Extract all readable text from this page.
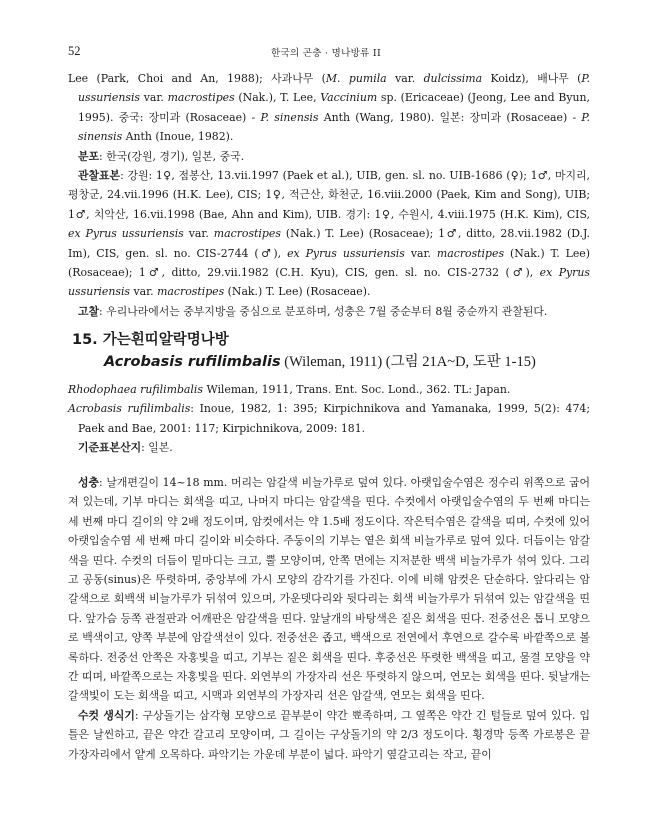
52	한국의 곤충 · 명나방류 II

Lee (Park, Choi and An, 1988); 사과나무 (M. pumila var. dulcissima Koidz), 배나무 (P. ussuriensis var. macrostipes (Nak.), T. Lee, Vaccinium sp. (Ericaceae) (Jeong, Lee and Byun, 1995). 중국: 장미과 (Rosaceae) - P. sinensis Anth (Wang, 1980). 일본: 장미과 (Rosaceae) - P. sinensis Anth (Inoue, 1982).

분포: 한국(강원, 경기), 일본, 중국.

관찰표본: 강원: 1♀, 점봉산, 13.vii.1997 (Paek et al.), UIB, gen. sl. no. UIB-1686 (♀); 1♂, 마지리, 평창군, 24.vii.1996 (H.K. Lee), CIS; 1♀, 적근산, 화천군, 16.viii.2000 (Paek, Kim and Song), UIB; 1♂, 치악산, 16.vii.1998 (Bae, Ahn and Kim), UIB. 경기: 1♀, 수원시, 4.viii.1975 (H.K. Kim), CIS, ex Pyrus ussuriensis var. macrostipes (Nak.) T. Lee) (Rosaceae); 1♂, ditto, 28.vii.1982 (D.J. Im), CIS, gen. sl. no. CIS-2744 (♂), ex Pyrus ussuriensis var. macrostipes (Nak.) T. Lee) (Rosaceae); 1♂, ditto, 29.vii.1982 (C.H. Kyu), CIS, gen. sl. no. CIS-2732 (♂), ex Pyrus ussuriensis var. macrostipes (Nak.) T. Lee) (Rosaceae).

고찰: 우리나라에서는 중부지방을 중심으로 분포하며, 성충은 7월 중순부터 8월 중순까지 관찰된다.

15. 가는흰띠알락명나방
Acrobasis rufilimbalis (Wileman, 1911) (그림 21A~D, 도판 1-15)

Rhodophaea rufilimbalis Wileman, 1911, Trans. Ent. Soc. Lond., 362. TL: Japan.

Acrobasis rufilimbalis: Inoue, 1982, 1: 395; Kirpichnikova and Yamanaka, 1999, 5(2): 474; Paek and Bae, 2001: 117; Kirpichnikova, 2009: 181.

기준표본산지: 일본.

성충: 날개편길이 14~18 mm. 머리는 암갈색 비늘가루로 덮여 있다. 아랫입술수염은 정수리 위쪽으로 굽어져 있는데, 기부 마디는 회색을 띠고, 나머지 마디는 암갈색을 띤다. 수컷에서 아랫입술수염의 두 번째 마디는 세 번째 마디 길이의 약 2배 정도이며, 암컷에서는 약 1.5배 정도이다. 작은턱수염은 갈색을 띠며, 수컷에 있어 아랫입술수염 세 번째 마디 길이와 비슷하다. 주둥이의 기부는 옅은 회색 비늘가루로 덮여 있다. 더듬이는 암갈색을 띤다. 수컷의 더듬이 밑마디는 크고, 뿔 모양이며, 안쪽 면에는 지저분한 백색 비늘가루가 섞여 있다. 그리고 공동(sinus)은 뚜렷하며, 중앙부에 가시 모양의 감각기를 가진다. 이에 비해 암컷은 단순하다. 앞다리는 암갈색으로 회백색 비늘가루가 뒤섞여 있으며, 가운뎃다리와 뒷다리는 회색 비늘가루가 뒤섞여 있는 암갈색을 띤다. 앞가슴 등쪽 관절판과 어깨판은 암갈색을 띤다. 앞날개의 바탕색은 짙은 회색을 띤다. 전중선은 톱니 모양으로 백색이고, 양쪽 부분에 암갈색선이 있다. 전중선은 좁고, 백색으로 전연에서 후연으로 갈수록 바깥쪽으로 볼록하다. 전중선 안쪽은 자홍빛을 띠고, 기부는 짙은 회색을 띤다. 후중선은 뚜렷한 백색을 띠고, 물결 모양을 약간 띠며, 바깥쪽으로는 자홍빛을 띤다. 외연부의 가장자리 선은 뚜렷하지 않으며, 연모는 회색을 띤다. 뒷날개는 갈색빛이 도는 회색을 띠고, 시맥과 외연부의 가장자리 선은 암갈색, 연모는 회색을 띤다.

수컷 생식기: 구상돌기는 삼각형 모양으로 끝부분이 약간 뾰족하며, 그 옆쪽은 약간 긴 털들로 덮여 있다. 입틀은 날씬하고, 끝은 약간 갈고리 모양이며, 그 길이는 구상돌기의 약 2/3 정도이다. 횡경막 등쪽 가로봉은 끝 가장자리에서 얕게 오목하다. 파악기는 가운데 부분이 넓다. 파악기 옆갈고리는 작고, 끝이
